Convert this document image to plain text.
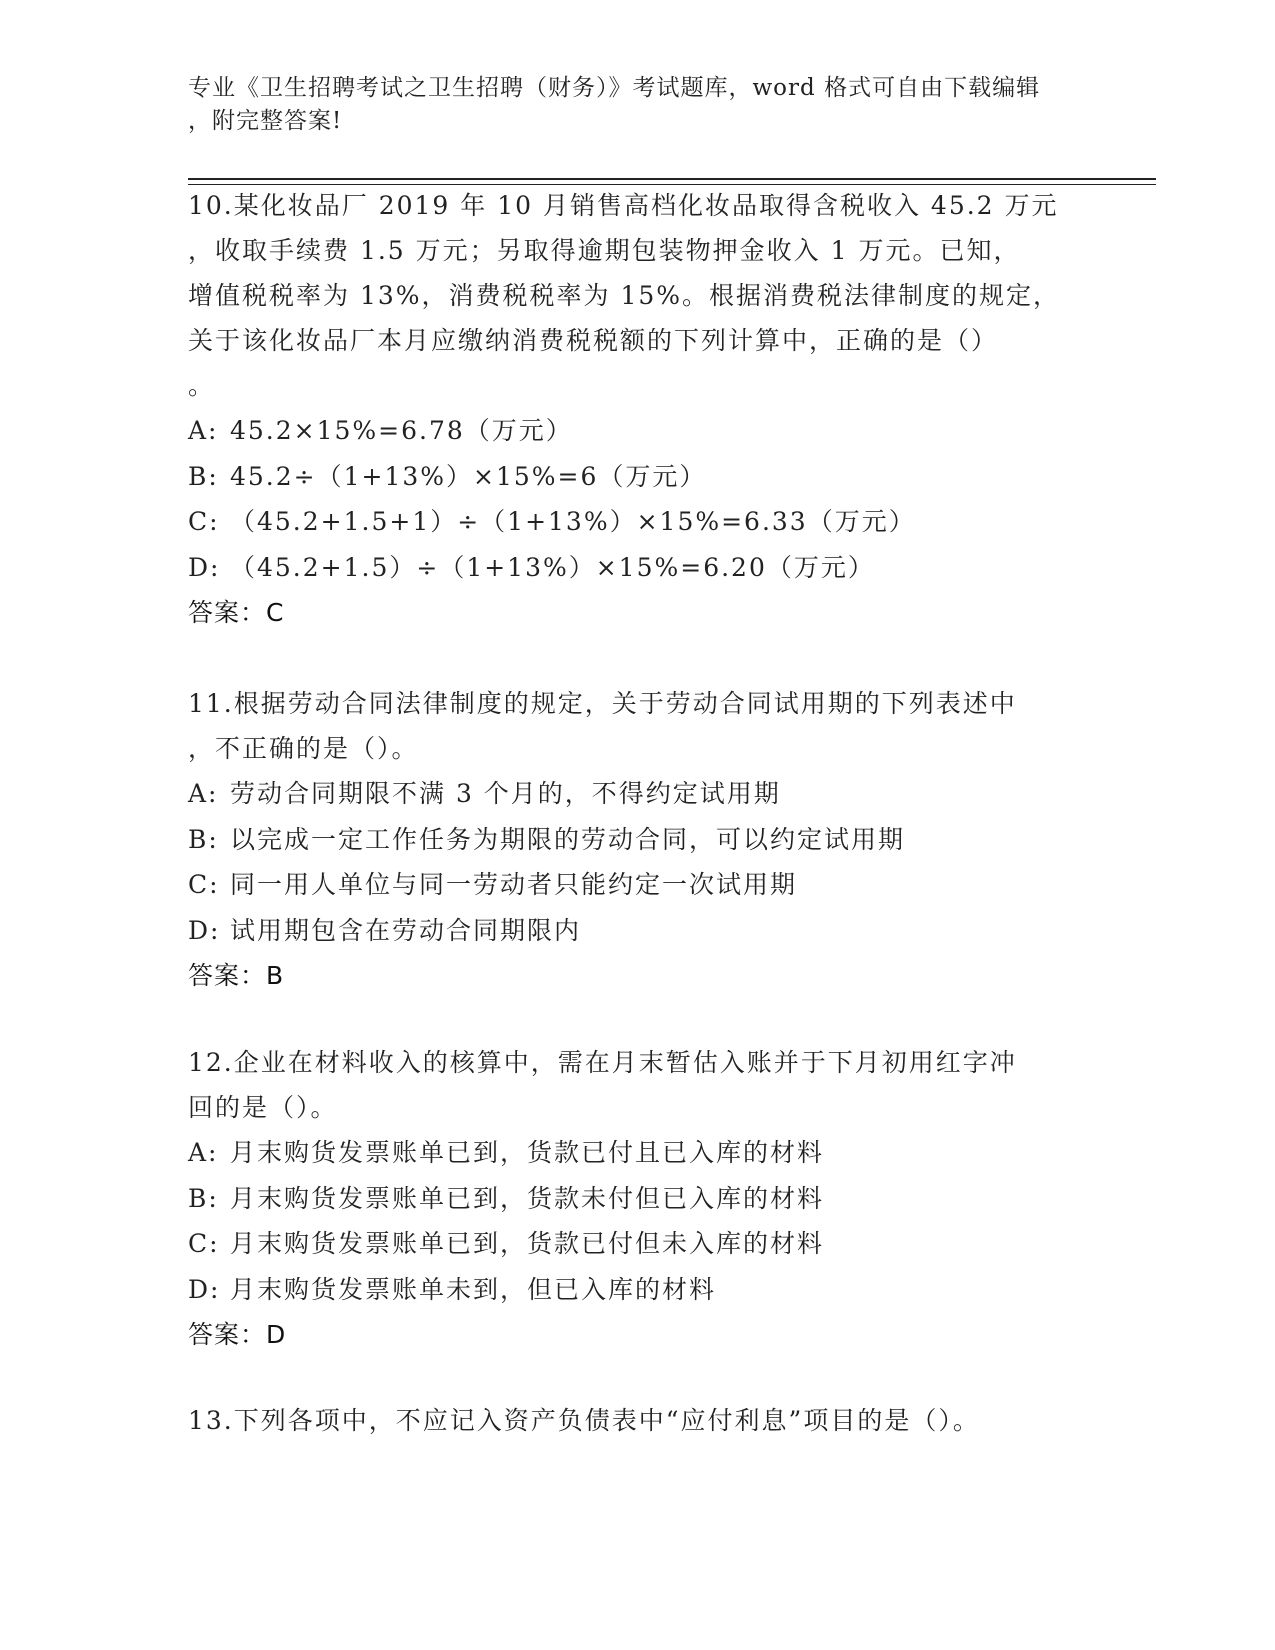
专业《卫生招聘考试之卫生招聘（财务）》考试题库，word 格式可自由下载编辑
，附完整答案!

10.某化妆品厂 2019 年 10 月销售高档化妆品取得含税收入 45.2 万元

，收取手续费 1.5 万元；另取得逾期包装物押金收入 1 万元。已知，

增值税税率为 13%，消费税税率为 15%。根据消费税法律制度的规定，

关于该化妆品厂本月应缴纳消费税税额的下列计算中，正确的是（）

。

A: 45.2×15%=6.78（万元）

B: 45.2÷（1+13%）×15%=6（万元）

C: （45.2+1.5+1）÷（1+13%）×15%=6.33（万元）

D: （45.2+1.5）÷（1+13%）×15%=6.20（万元）

答案：C

11.根据劳动合同法律制度的规定，关于劳动合同试用期的下列表述中

，不正确的是（）。

A: 劳动合同期限不满 3 个月的，不得约定试用期

B: 以完成一定工作任务为期限的劳动合同，可以约定试用期

C: 同一用人单位与同一劳动者只能约定一次试用期

D: 试用期包含在劳动合同期限内

答案：B

12.企业在材料收入的核算中，需在月末暂估入账并于下月初用红字冲

回的是（）。

A: 月末购货发票账单已到，货款已付且已入库的材料

B: 月末购货发票账单已到，货款未付但已入库的材料

C: 月末购货发票账单已到，货款已付但未入库的材料

D: 月末购货发票账单未到，但已入库的材料

答案：D

13.下列各项中，不应记入资产负债表中“应付利息”项目的是（）。
